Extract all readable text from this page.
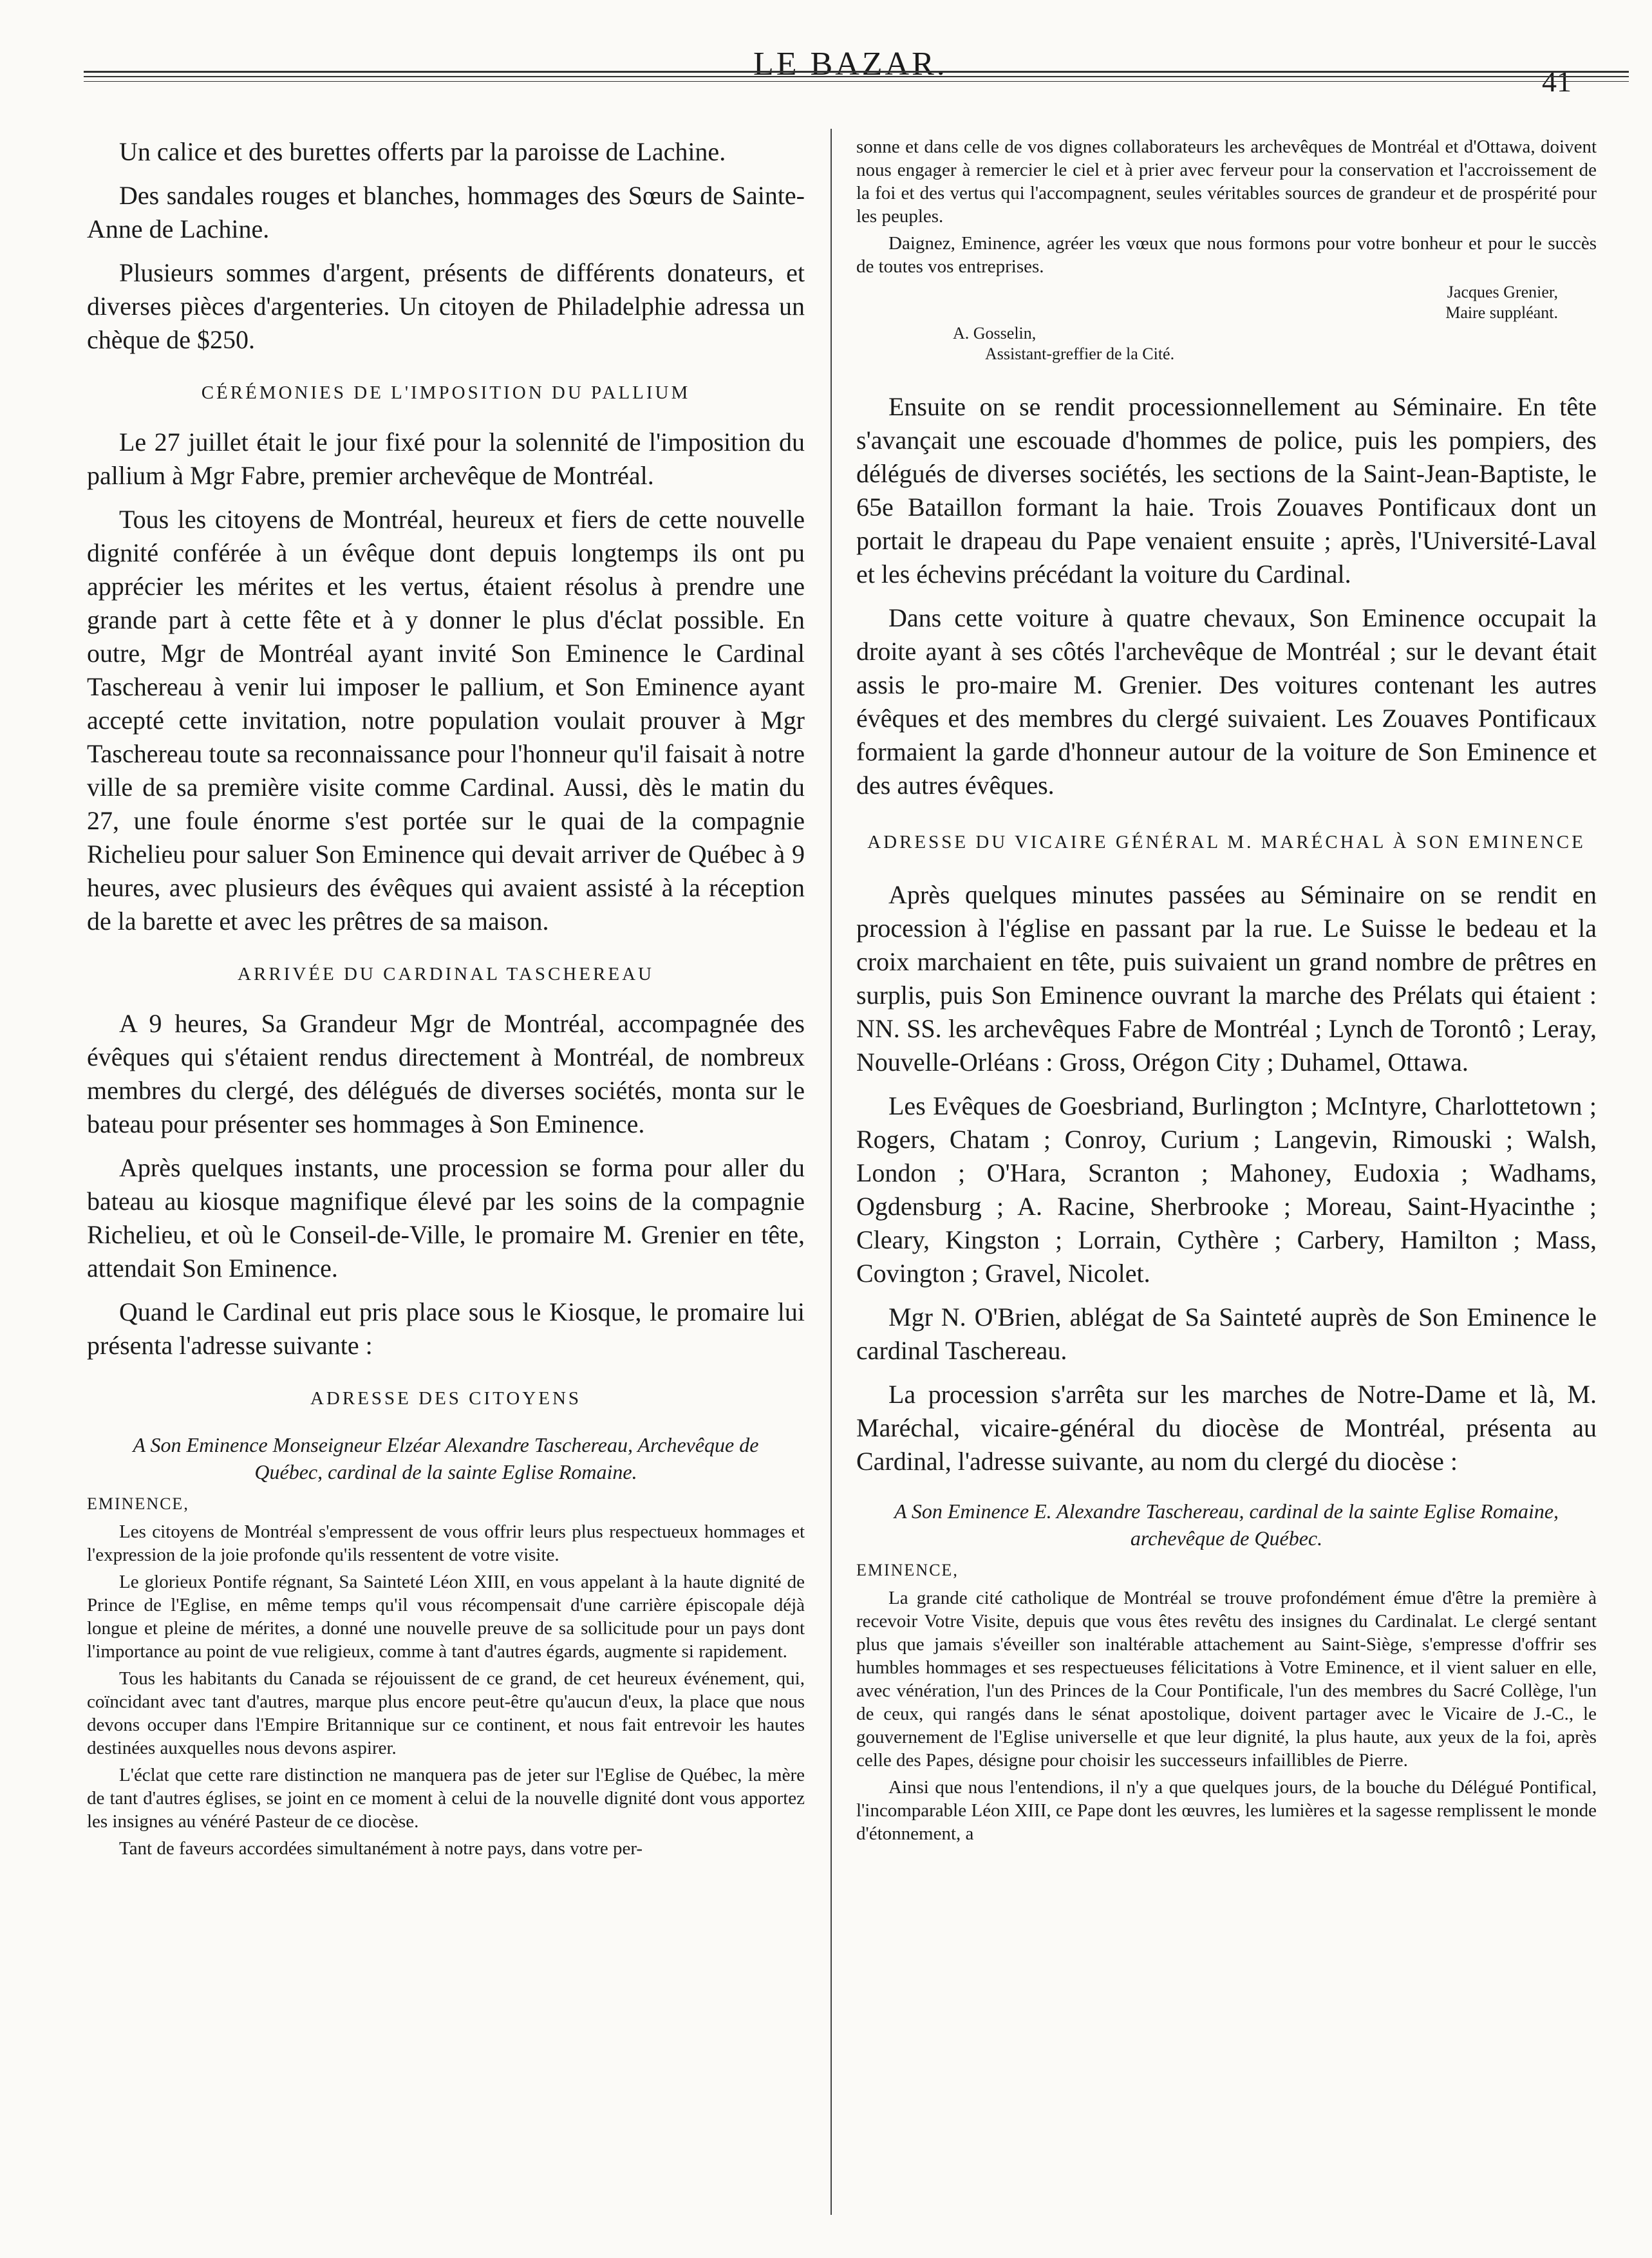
LE BAZAR.	41

Un calice et des burettes offerts par la paroisse de Lachine.

Des sandales rouges et blanches, hommages des Sœurs de Sainte-Anne de Lachine.

Plusieurs sommes d'argent, présents de différents donateurs, et diverses pièces d'argenteries. Un citoyen de Philadelphie adressa un chèque de $250.

CÉRÉMONIES DE L'IMPOSITION DU PALLIUM

Le 27 juillet était le jour fixé pour la solennité de l'imposition du pallium à Mgr Fabre, premier archevêque de Montréal.

Tous les citoyens de Montréal, heureux et fiers de cette nouvelle dignité conférée à un évêque dont depuis longtemps ils ont pu apprécier les mérites et les vertus, étaient résolus à prendre une grande part à cette fête et à y donner le plus d'éclat possible. En outre, Mgr de Montréal ayant invité Son Eminence le Cardinal Taschereau à venir lui imposer le pallium, et Son Eminence ayant accepté cette invitation, notre population voulait prouver à Mgr Taschereau toute sa reconnaissance pour l'honneur qu'il faisait à notre ville de sa première visite comme Cardinal. Aussi, dès le matin du 27, une foule énorme s'est portée sur le quai de la compagnie Richelieu pour saluer Son Eminence qui devait arriver de Québec à 9 heures, avec plusieurs des évêques qui avaient assisté à la réception de la barette et avec les prêtres de sa maison.

ARRIVÉE DU CARDINAL TASCHEREAU

A 9 heures, Sa Grandeur Mgr de Montréal, accompagnée des évêques qui s'étaient rendus directement à Montréal, de nombreux membres du clergé, des délégués de diverses sociétés, monta sur le bateau pour présenter ses hommages à Son Eminence.

Après quelques instants, une procession se forma pour aller du bateau au kiosque magnifique élevé par les soins de la compagnie Richelieu, et où le Conseil-de-Ville, le promaire M. Grenier en tête, attendait Son Eminence.

Quand le Cardinal eut pris place sous le Kiosque, le promaire lui présenta l'adresse suivante :

ADRESSE DES CITOYENS
A Son Eminence Monseigneur Elzéar Alexandre Taschereau, Archevêque de Québec, cardinal de la sainte Eglise Romaine.
EMINENCE,

Les citoyens de Montréal s'empressent de vous offrir leurs plus respectueux hommages et l'expression de la joie profonde qu'ils ressentent de votre visite.

Le glorieux Pontife régnant, Sa Sainteté Léon XIII, en vous appelant à la haute dignité de Prince de l'Eglise, en même temps qu'il vous récompensait d'une carrière épiscopale déjà longue et pleine de mérites, a donné une nouvelle preuve de sa sollicitude pour un pays dont l'importance au point de vue religieux, comme à tant d'autres égards, augmente si rapidement.

Tous les habitants du Canada se réjouissent de ce grand, de cet heureux événement, qui, coïncidant avec tant d'autres, marque plus encore peut-être qu'aucun d'eux, la place que nous devons occuper dans l'Empire Britannique sur ce continent, et nous fait entrevoir les hautes destinées auxquelles nous devons aspirer.

L'éclat que cette rare distinction ne manquera pas de jeter sur l'Eglise de Québec, la mère de tant d'autres églises, se joint en ce moment à celui de la nouvelle dignité dont vous apportez les insignes au vénéré Pasteur de ce diocèse.

Tant de faveurs accordées simultanément à notre pays, dans votre per-

sonne et dans celle de vos dignes collaborateurs les archevêques de Montréal et d'Ottawa, doivent nous engager à remercier le ciel et à prier avec ferveur pour la conservation et l'accroissement de la foi et des vertus qui l'accompagnent, seules véritables sources de grandeur et de prospérité pour les peuples.

Daignez, Eminence, agréer les vœux que nous formons pour votre bonheur et pour le succès de toutes vos entreprises.

Jacques Grenier,
Maire suppléant.
A. Gosselin,
Assistant-greffier de la Cité.

Ensuite on se rendit processionnellement au Séminaire. En tête s'avançait une escouade d'hommes de police, puis les pompiers, des délégués de diverses sociétés, les sections de la Saint-Jean-Baptiste, le 65e Bataillon formant la haie. Trois Zouaves Pontificaux dont un portait le drapeau du Pape venaient ensuite ; après, l'Université-Laval et les échevins précédant la voiture du Cardinal.

Dans cette voiture à quatre chevaux, Son Eminence occupait la droite ayant à ses côtés l'archevêque de Montréal ; sur le devant était assis le pro-maire M. Grenier. Des voitures contenant les autres évêques et des membres du clergé suivaient. Les Zouaves Pontificaux formaient la garde d'honneur autour de la voiture de Son Eminence et des autres évêques.

ADRESSE DU VICAIRE GÉNÉRAL M. MARÉCHAL À SON EMINENCE

Après quelques minutes passées au Séminaire on se rendit en procession à l'église en passant par la rue. Le Suisse le bedeau et la croix marchaient en tête, puis suivaient un grand nombre de prêtres en surplis, puis Son Eminence ouvrant la marche des Prélats qui étaient : NN. SS. les archevêques Fabre de Montréal ; Lynch de Torontô ; Leray, Nouvelle-Orléans : Gross, Orégon City ; Duhamel, Ottawa.

Les Evêques de Goesbriand, Burlington ; McIntyre, Charlottetown ; Rogers, Chatam ; Conroy, Curium ; Langevin, Rimouski ; Walsh, London ; O'Hara, Scranton ; Mahoney, Eudoxia ; Wadhams, Ogdensburg ; A. Racine, Sherbrooke ; Moreau, Saint-Hyacinthe ; Cleary, Kingston ; Lorrain, Cythère ; Carbery, Hamilton ; Mass, Covington ; Gravel, Nicolet.

Mgr N. O'Brien, ablégat de Sa Sainteté auprès de Son Eminence le cardinal Taschereau.

La procession s'arrêta sur les marches de Notre-Dame et là, M. Maréchal, vicaire-général du diocèse de Montréal, présenta au Cardinal, l'adresse suivante, au nom du clergé du diocèse :

A Son Eminence E. Alexandre Taschereau, cardinal de la sainte Eglise Romaine, archevêque de Québec.
EMINENCE,

La grande cité catholique de Montréal se trouve profondément émue d'être la première à recevoir Votre Visite, depuis que vous êtes revêtu des insignes du Cardinalat. Le clergé sentant plus que jamais s'éveiller son inaltérable attachement au Saint-Siège, s'empresse d'offrir ses humbles hommages et ses respectueuses félicitations à Votre Eminence, et il vient saluer en elle, avec vénération, l'un des Princes de la Cour Pontificale, l'un des membres du Sacré Collège, l'un de ceux, qui rangés dans le sénat apostolique, doivent partager avec le Vicaire de J.-C., le gouvernement de l'Eglise universelle et que leur dignité, la plus haute, aux yeux de la foi, après celle des Papes, désigne pour choisir les successeurs infaillibles de Pierre.

Ainsi que nous l'entendions, il n'y a que quelques jours, de la bouche du Délégué Pontifical, l'incomparable Léon XIII, ce Pape dont les œuvres, les lumières et la sagesse remplissent le monde d'étonnement, a
